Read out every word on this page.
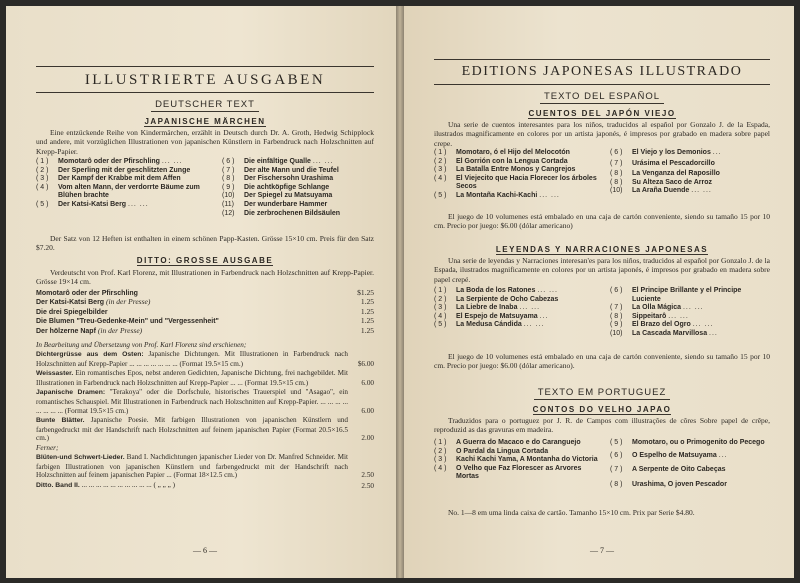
ILLUSTRIERTE AUSGABEN
DEUTSCHER TEXT
JAPANISCHE MÄRCHEN
Eine entzückende Reihe von Kindermärchen, erzählt in Deutsch durch Dr. A. Groth, Hedwig Schipplock und andere, mit vorzüglichen Illustrationen von japanischen Künstlern in Farbendruck nach Holzschnitten auf Krepp-Papier.
( 1 ) Momotarô oder der Pfirschling ... ...
( 2 ) Der Sperling mit der geschlitzten Zunge
( 3 ) Der Kampf der Krabbe mit dem Affen
( 4 ) Vom alten Mann, der verdorrte Bäume zum Blühen brachte
( 5 ) Der Katsi-Katsi Berg ... ...
( 6 ) Die einfältige Qualle ... ...
( 7 ) Der alte Mann und die Teufel
( 8 ) Der Fischersohn Urashima
( 9 ) Die achtköpfige Schlange
(10) Der Spiegel zu Matsuyama
(11) Der wunderbare Hammer
(12) Die zerbrochenen Bildsäulen
Der Satz von 12 Heften ist enthalten in einem schönen Papp-Kasten. Grösse 15×10 cm. Preis für den Satz $7.20.
DITTO: GROSSE AUSGABE
Verdeutscht von Prof. Karl Florenz, mit Illustrationen in Farbendruck nach Holzschnitten auf Krepp-Papier. Grösse 19×14 cm.
Momotarô oder der Pfirschling	$1.25
Der Katsi-Katsi Berg (in der Presse)	1.25
Die drei Spiegelbilder	1.25
Die Blumen "Treu-Gedenke-Mein" und "Vergessenheit"	1.25
Der hölzerne Napf (in der Presse)	1.25
In Bearbeitung und Übersetzung von Prof. Karl Florenz sind erschienen;
Dichtergrüsse aus dem Osten: Japanische Dichtungen. Mit Illustrationen in Farbendruck nach Holzschnitten auf Krepp-Papier ... ... ... ... ... ... ... (Format 19.5×15 cm.)	$6.00
Weissaster. Ein romantisches Epos, nebst anderen Gedichten, Japanische Dichtung, frei nachgebildet. Mit Illustrationen in Farbendruck nach Holzschnitten auf Krepp-Papier ... ... (Format 19.5×15 cm.)	6.00
Japanische Dramen: "Terakoya" oder die Dorfschule, historisches Trauerspiel und "Asagao", ein romantisches Schauspiel. Mit Illustrationen in Farbendruck nach Holzschnitten auf Krepp-Papier. ... ... ... ... ... ... ... ... (Format 19.5×15 cm.)	6.00
Bunte Blätter. Japanische Poesie. Mit farbigen Illustrationen von japanischen Künstlern und farbengedruckt mit der Handschrift nach Holzschnitten auf feinem japanischen Papier (Format 20.5×16.5 cm.)	2.00
Ferner;
Blüten-und Schwert-Lieder. Band I. Nachdichtungen japanischer Lieder von Dr. Manfred Schneider. Mit farbigen Illustrationen von japanischen Künstlern und farbengedruckt mit der Handschrift nach Holzschnitten auf feinem japanischen Papier ... (Format 18×12.5 cm.)	2.50
Ditto. Band II. ... ... ... ... ... ... ... ... ... ... ( „ „ „ )	2.50
— 6 —
EDITIONS JAPONESAS ILLUSTRADO
TEXTO DEL ESPAÑOL
CUENTOS DEL JAPÓN VIEJO
Una serie de cuentos interesantes para los niños, traducidos al español por Gonzalo J. de la Espada, ilustrados magnificamente en colores por un artista japonés, é impresos por grabado en madera sobre papel crepe.
( 1 ) Momotaro, ó el Hijo del Melocotón
( 2 ) El Gorrión con la Lengua Cortada
( 3 ) La Batalla Entre Monos y Cangrejos
( 4 ) El Viejecito que Hacia Florecer los árboles Secos
( 5 ) La Montaña Kachi-Kachi ... ...
( 6 ) El Viejo y los Demonios ...
( 7 ) Urásima el Pescadorcillo
( 8 ) La Venganza del Raposillo
( 8 ) Su Alteza Saco de Arroz
(10) La Araña Duende ... ...
El juego de 10 volumenes está embalado en una caja de cartón conveniente, siendo su tamaño 15 por 10 cm. Precio por juego: $6.00 (dólar americano)
LEYENDAS Y NARRACIONES JAPONESAS
Una serie de leyendas y Narraciones interesan'es para los niños, traducidos al español por Gonzalo J. de la Espada, ilustrados magnificamente en colores por un artista japonés, é impresos por grabado en madera sobre papel crepé.
( 1 ) La Boda de los Ratones ... ...
( 2 ) La Serpiente de Ocho Cabezas
( 3 ) La Liebre de Inaba ... ...
( 4 ) El Espejo de Matsuyama ...
( 5 ) La Medusa Cándida ... ...
( 6 ) El Principe Brillante y el Principe Luciente
( 7 ) La Olla Mágica ... ...
( 8 ) Sippeitarô ... ...
( 9 ) El Brazo del Ogro ... ...
(10) La Cascada Marvillosa ...
El juego de 10 volumenes está embalado en una caja de cartón conveniente, siendo su tamaño 15 por 10 cm. Precio por juego: $6.00 (dólar americano).
TEXTO EM PORTUGUEZ
CONTOS DO VELHO JAPAO
Traduzidos para o portuguez por J. R. de Campos com illustrações de côres Sobre papel de crêpe, reproduzid as das gravuras em madeira.
( 1 ) A Guerra do Macaco e do Caranguejo
( 2 ) O Pardal da Lingua Cortada
( 3 ) Kachi Kachi Yama, A Montanha do Victoria
( 4 ) O Velho que Faz Florescer as Arvores Mortas
( 5 ) Momotaro, ou o Primogenito do Pecego
( 6 ) O Espelho de Matsuyama ...
( 7 ) A Serpente de Oito Cabeças
( 8 ) Urashima, O joven Pescador
No. 1—8 em uma linda caixa de cartão. Tamanho 15×10 cm. Prix par Serie $4.80.
— 7 —
